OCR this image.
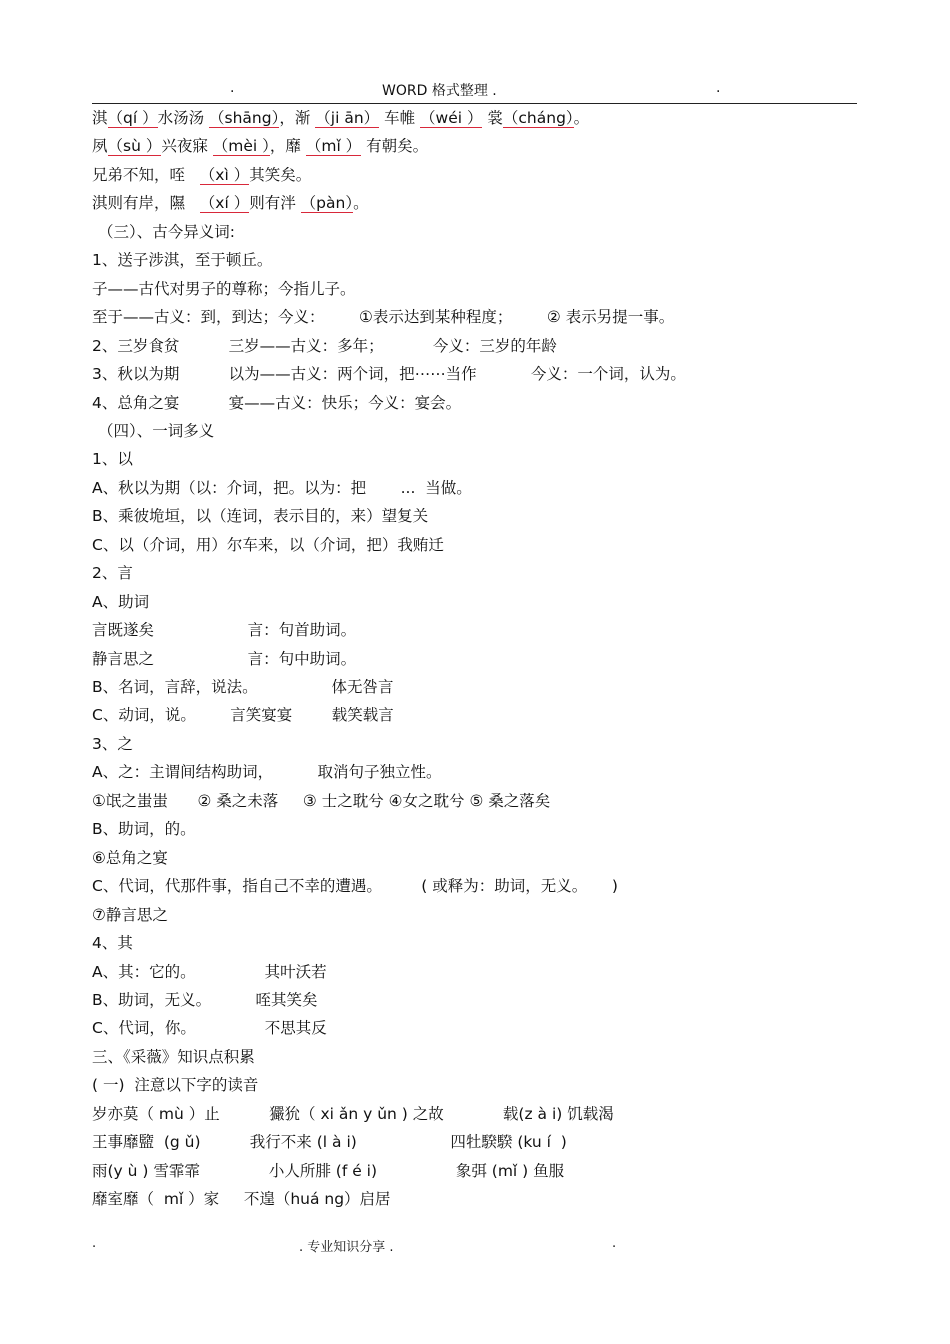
.	WORD 格式整理 .	.
淇（qí ）水汤汤 （shāng），渐 （ji ān） 车帷 （wéi ） 裳（cháng）。
夙（sù ）兴夜寐 （mèi ），靡 （mǐ ） 有朝矣。
兄弟不知，咥   （xì ）其笑矣。
淇则有岸，隰   （xí ）则有泮 （pàn）。
（三）、古今异义词:
1、送子涉淇，至于顿丘。
子——古代对男子的尊称；今指儿子。
至于——古义：到，到达；今义：       ①表示达到某种程度；       ② 表示另提一事。
2、三岁食贫          三岁——古义：多年；          今义：三岁的年龄
3、秋以为期          以为——古义：两个词，把⋯⋯当作           今义：一个词，认为。
4、总角之宴          宴——古义：快乐；今义：宴会。
（四）、一词多义
1、以
A、秋以为期（以：介词，把。以为：把       ...  当做。
B、乘彼垝垣，以（连词，表示目的，来）望复关
C、以（介词，用）尔车来，以（介词，把）我贿迁
2、言
A、助词
言既遂矣                   言：句首助词。
静言思之                   言：句中助词。
B、名词，言辞，说法。               体无咎言
C、动词，说。       言笑宴宴        载笑载言
3、之
A、之：主谓间结构助词，         取消句子独立性。
①氓之蚩蚩      ② 桑之未落     ③ 士之耽兮 ④女之耽兮 ⑤ 桑之落矣
B、助词，的。
⑥总角之宴
C、代词，代那件事，指自己不幸的遭遇。        ( 或释为：助词，无义。     )
⑦静言思之
4、其
A、其：它的。              其叶沃若
B、助词，无义。         咥其笑矣
C、代词，你。              不思其反
三、《采薇》知识点积累
( 一)  注意以下字的读音
岁亦莫（ mù ）止          玁狁（ xi ǎn y ǔn ) 之故            载(z à i) 饥载渴
王事靡盬  (g ǔ)          我行不来 (l à i)                   四牡騤騤 (ku í  )
雨(y ù ) 雪霏霏              小人所腓 (f é i)                象弭 (mǐ ) 鱼服
靡室靡（  mǐ ）家     不遑（huá ng）启居
.	. 专业知识分享 .	.
